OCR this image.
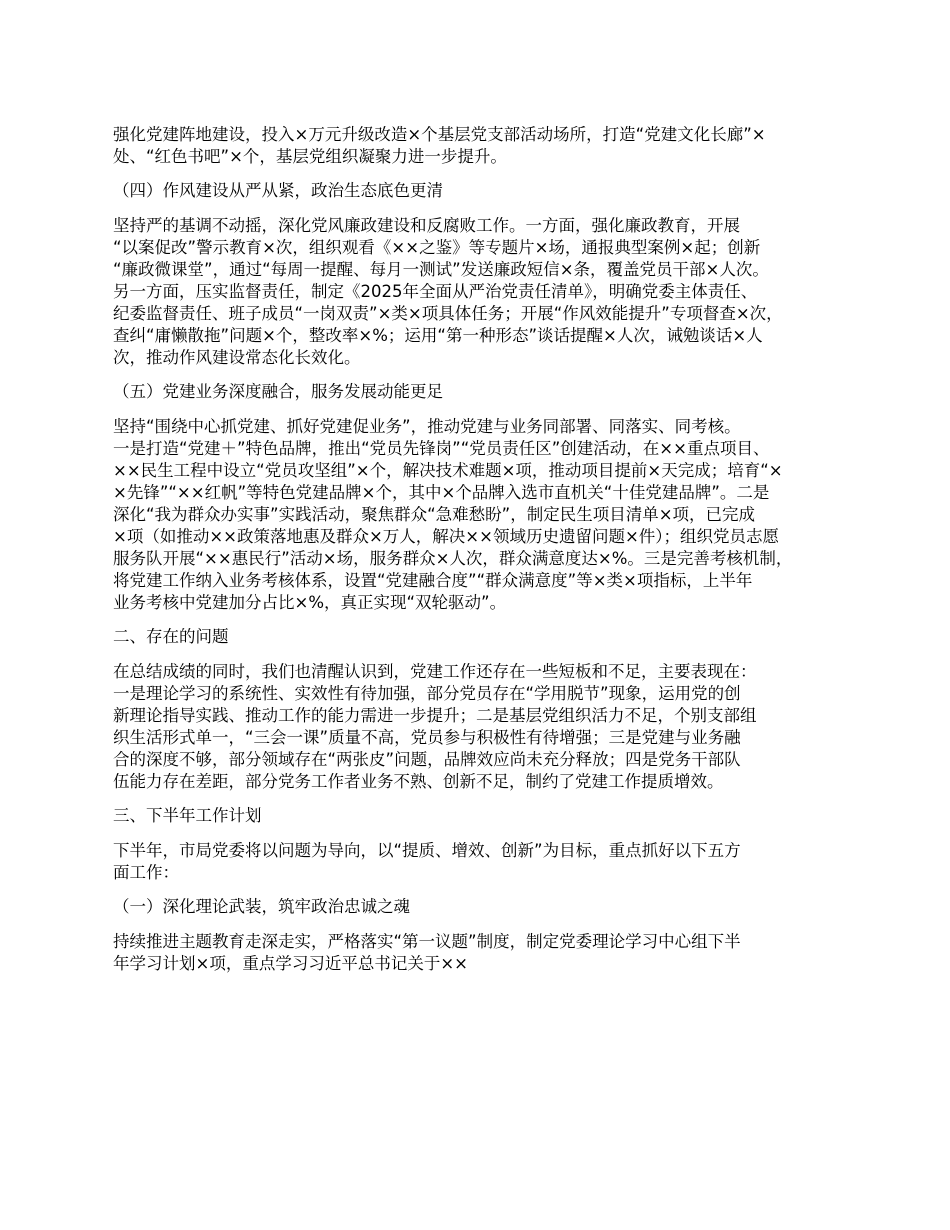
强化党建阵地建设，投入×万元升级改造×个基层党支部活动场所，打造“党建文化长廊”×
处、“红色书吧”×个，基层党组织凝聚力进一步提升。
（四）作风建设从严从紧，政治生态底色更清
坚持严的基调不动摇，深化党风廉政建设和反腐败工作。一方面，强化廉政教育，开展
“以案促改”警示教育×次，组织观看《××之鉴》等专题片×场，通报典型案例×起；创新
“廉政微课堂”，通过“每周一提醒、每月一测试”发送廉政短信×条，覆盖党员干部×人次。
另一方面，压实监督责任，制定《2025年全面从严治党责任清单》，明确党委主体责任、
纪委监督责任、班子成员“一岗双责”×类×项具体任务；开展“作风效能提升”专项督查×次，
查纠“庸懒散拖”问题×个，整改率×%；运用“第一种形态”谈话提醒×人次，诫勉谈话×人
次，推动作风建设常态化长效化。
（五）党建业务深度融合，服务发展动能更足
坚持“围绕中心抓党建、抓好党建促业务”，推动党建与业务同部署、同落实、同考核。
一是打造“党建＋”特色品牌，推出“党员先锋岗”“党员责任区”创建活动，在××重点项目、
××民生工程中设立“党员攻坚组”×个，解决技术难题×项，推动项目提前×天完成；培育“×
×先锋”“××红帆”等特色党建品牌×个，其中×个品牌入选市直机关“十佳党建品牌”。二是
深化“我为群众办实事”实践活动，聚焦群众“急难愁盼”，制定民生项目清单×项，已完成
×项（如推动××政策落地惠及群众×万人，解决××领域历史遗留问题×件）；组织党员志愿
服务队开展“××惠民行”活动×场，服务群众×人次，群众满意度达×%。三是完善考核机制，
将党建工作纳入业务考核体系，设置“党建融合度”“群众满意度”等×类×项指标，上半年
业务考核中党建加分占比×%，真正实现“双轮驱动”。
二、存在的问题
在总结成绩的同时，我们也清醒认识到，党建工作还存在一些短板和不足，主要表现在：
一是理论学习的系统性、实效性有待加强，部分党员存在“学用脱节”现象，运用党的创
新理论指导实践、推动工作的能力需进一步提升；二是基层党组织活力不足，个别支部组
织生活形式单一，“三会一课”质量不高，党员参与积极性有待增强；三是党建与业务融
合的深度不够，部分领域存在“两张皮”问题，品牌效应尚未充分释放；四是党务干部队
伍能力存在差距，部分党务工作者业务不熟、创新不足，制约了党建工作提质增效。
三、下半年工作计划
下半年，市局党委将以问题为导向，以“提质、增效、创新”为目标，重点抓好以下五方
面工作：
（一）深化理论武装，筑牢政治忠诚之魂
持续推进主题教育走深走实，严格落实“第一议题”制度，制定党委理论学习中心组下半
年学习计划×项，重点学习习近平总书记关于××
